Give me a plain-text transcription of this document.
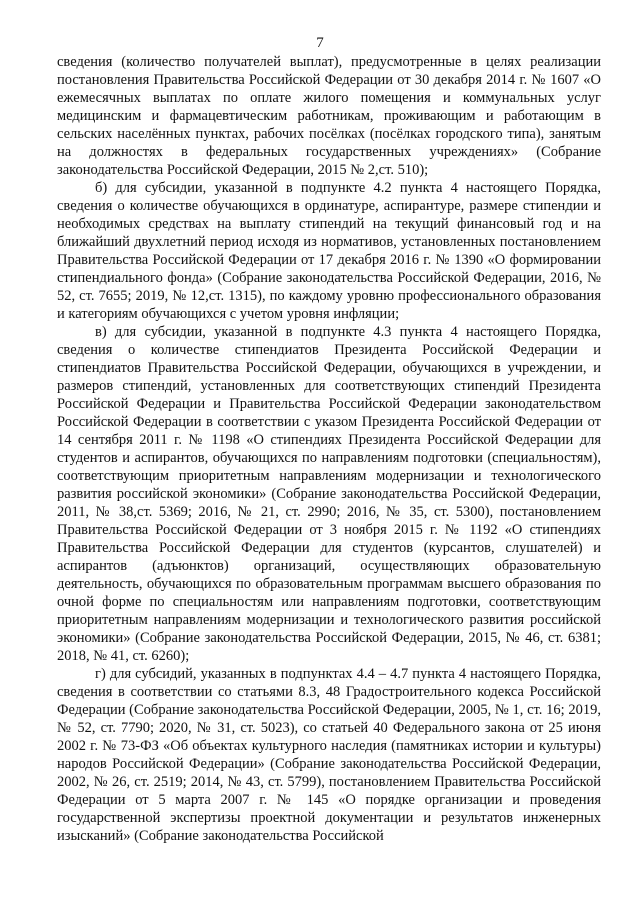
7

сведения (количество получателей выплат), предусмотренные в целях реализации постановления Правительства Российской Федерации от 30 декабря 2014 г. № 1607 «О ежемесячных выплатах по оплате жилого помещения и коммунальных услуг медицинским и фармацевтическим работникам, проживающим и работающим в сельских населённых пунктах, рабочих посёлках (посёлках городского типа), занятым на должностях в федеральных государственных учреждениях» (Собрание законодательства Российской Федерации, 2015 № 2,ст. 510);

б) для субсидии, указанной в подпункте 4.2 пункта 4 настоящего Порядка, сведения о количестве обучающихся в ординатуре, аспирантуре, размере стипендии и необходимых средствах на выплату стипендий на текущий финансовый год и на ближайший двухлетний период исходя из нормативов, установленных постановлением Правительства Российской Федерации от 17 декабря 2016 г. № 1390 «О формировании стипендиального фонда» (Собрание законодательства Российской Федерации, 2016, № 52, ст. 7655; 2019, № 12,ст. 1315), по каждому уровню профессионального образования и категориям обучающихся с учетом уровня инфляции;

в) для субсидии, указанной в подпункте 4.3 пункта 4 настоящего Порядка, сведения о количестве стипендиатов Президента Российской Федерации и стипендиатов Правительства Российской Федерации, обучающихся в учреждении, и размеров стипендий, установленных для соответствующих стипендий Президента Российской Федерации и Правительства Российской Федерации законодательством Российской Федерации в соответствии с указом Президента Российской Федерации от 14 сентября 2011 г. № 1198 «О стипендиях Президента Российской Федерации для студентов и аспирантов, обучающихся по направлениям подготовки (специальностям), соответствующим приоритетным направлениям модернизации и технологического развития российской экономики» (Собрание законодательства Российской Федерации, 2011, № 38,ст. 5369; 2016, № 21, ст. 2990; 2016, № 35, ст. 5300), постановлением Правительства Российской Федерации от 3 ноября 2015 г. № 1192 «О стипендиях Правительства Российской Федерации для студентов (курсантов, слушателей) и аспирантов (адъюнктов) организаций, осуществляющих образовательную деятельность, обучающихся по образовательным программам высшего образования по очной форме по специальностям или направлениям подготовки, соответствующим приоритетным направлениям модернизации и технологического развития российской экономики» (Собрание законодательства Российской Федерации, 2015, № 46, ст. 6381; 2018, № 41, ст. 6260);

г) для субсидий, указанных в подпунктах 4.4 – 4.7 пункта 4 настоящего Порядка, сведения в соответствии со статьями 8.3, 48 Градостроительного кодекса Российской Федерации (Собрание законодательства Российской Федерации, 2005, № 1, ст. 16; 2019, № 52, ст. 7790; 2020, № 31, ст. 5023), со статьей 40 Федерального закона от 25 июня 2002 г. № 73-ФЗ «Об объектах культурного наследия (памятниках истории и культуры) народов Российской Федерации» (Собрание законодательства Российской Федерации, 2002, № 26, ст. 2519; 2014, № 43, ст. 5799), постановлением Правительства Российской Федерации от 5 марта 2007 г. № 145 «О порядке организации и проведения государственной экспертизы проектной документации и результатов инженерных изысканий» (Собрание законодательства Российской
